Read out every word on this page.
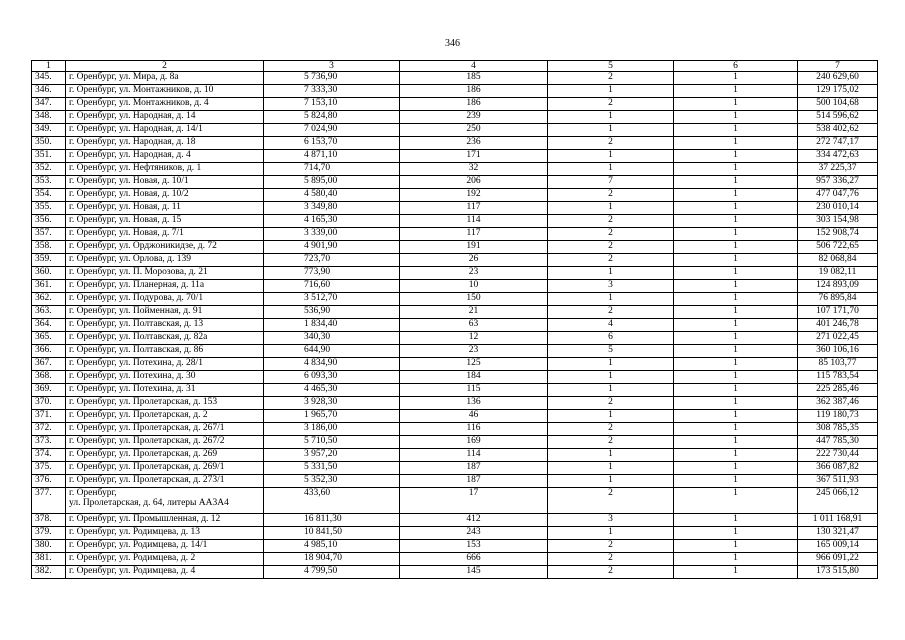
346
1	2	3	4	5	6	7
345.	г. Оренбург, ул. Мира, д. 8а	5 736,90	185	2	1	240 629,60
346.	г. Оренбург, ул. Монтажников, д. 10	7 333,30	186	1	1	129 175,02
347.	г. Оренбург, ул. Монтажников, д. 4	7 153,10	186	2	1	500 104,68
348.	г. Оренбург, ул. Народная, д. 14	5 824,80	239	1	1	514 596,62
349.	г. Оренбург, ул. Народная, д. 14/1	7 024,90	250	1	1	538 402,62
350.	г. Оренбург, ул. Народная, д. 18	6 153,70	236	2	1	272 747,17
351.	г. Оренбург, ул. Народная, д. 4	4 871,10	171	1	1	334 472,63
352.	г. Оренбург, ул. Нефтяников, д. 1	714,70	32	1	1	37 225,37
353.	г. Оренбург, ул. Новая, д. 10/1	5 895,00	206	7	1	957 336,27
354.	г. Оренбург, ул. Новая, д. 10/2	4 580,40	192	2	1	477 047,76
355.	г. Оренбург, ул. Новая, д. 11	3 349,80	117	1	1	230 010,14
356.	г. Оренбург, ул. Новая, д. 15	4 165,30	114	2	1	303 154,98
357.	г. Оренбург, ул. Новая, д. 7/1	3 339,00	117	2	1	152 908,74
358.	г. Оренбург, ул. Орджоникидзе, д. 72	4 901,90	191	2	1	506 722,65
359.	г. Оренбург, ул. Орлова, д. 139	723,70	26	2	1	82 068,84
360.	г. Оренбург, ул. П. Морозова, д. 21	773,90	23	1	1	19 082,11
361.	г. Оренбург, ул. Планерная, д. 11а	716,60	10	3	1	124 893,09
362.	г. Оренбург, ул. Подурова, д. 70/1	3 512,70	150	1	1	76 895,84
363.	г. Оренбург, ул. Пойменная, д. 91	536,90	21	2	1	107 171,70
364.	г. Оренбург, ул. Полтавская, д. 13	1 834,40	63	4	1	401 246,78
365.	г. Оренбург, ул. Полтавская, д. 82а	340,30	12	6	1	271 022,45
366.	г. Оренбург, ул. Полтавская, д. 86	644,90	23	5	1	360 106,16
367.	г. Оренбург, ул. Потехина, д. 28/1	4 834,90	125	1	1	85 103,77
368.	г. Оренбург, ул. Потехина, д. 30	6 093,30	184	1	1	115 783,54
369.	г. Оренбург, ул. Потехина, д. 31	4 465,30	115	1	1	225 285,46
370.	г. Оренбург, ул. Пролетарская, д. 153	3 928,30	136	2	1	362 387,46
371.	г. Оренбург, ул. Пролетарская, д. 2	1 965,70	46	1	1	119 180,73
372.	г. Оренбург, ул. Пролетарская, д. 267/1	3 186,00	116	2	1	308 785,35
373.	г. Оренбург, ул. Пролетарская, д. 267/2	5 710,50	169	2	1	447 785,30
374.	г. Оренбург, ул. Пролетарская, д. 269	3 957,20	114	1	1	222 730,44
375.	г. Оренбург, ул. Пролетарская, д. 269/1	5 331,50	187	1	1	366 087,82
376.	г. Оренбург, ул. Пролетарская, д. 273/1	5 352,30	187	1	1	367 511,93
377.	г. Оренбург,
ул. Пролетарская, д. 64, литеры АА3А4	433,60	17	2	1	245 066,12
378.	г. Оренбург, ул. Промышленная, д. 12	16 811,30	412	3	1	1 011 168,91
379.	г. Оренбург, ул. Родимцева, д. 13	10 841,50	243	1	1	130 321,47
380.	г. Оренбург, ул. Родимцева, д. 14/1	4 985,10	153	2	1	165 009,14
381.	г. Оренбург, ул. Родимцева, д. 2	18 904,70	666	2	1	966 091,22
382.	г. Оренбург, ул. Родимцева, д. 4	4 799,50	145	2	1	173 515,80
